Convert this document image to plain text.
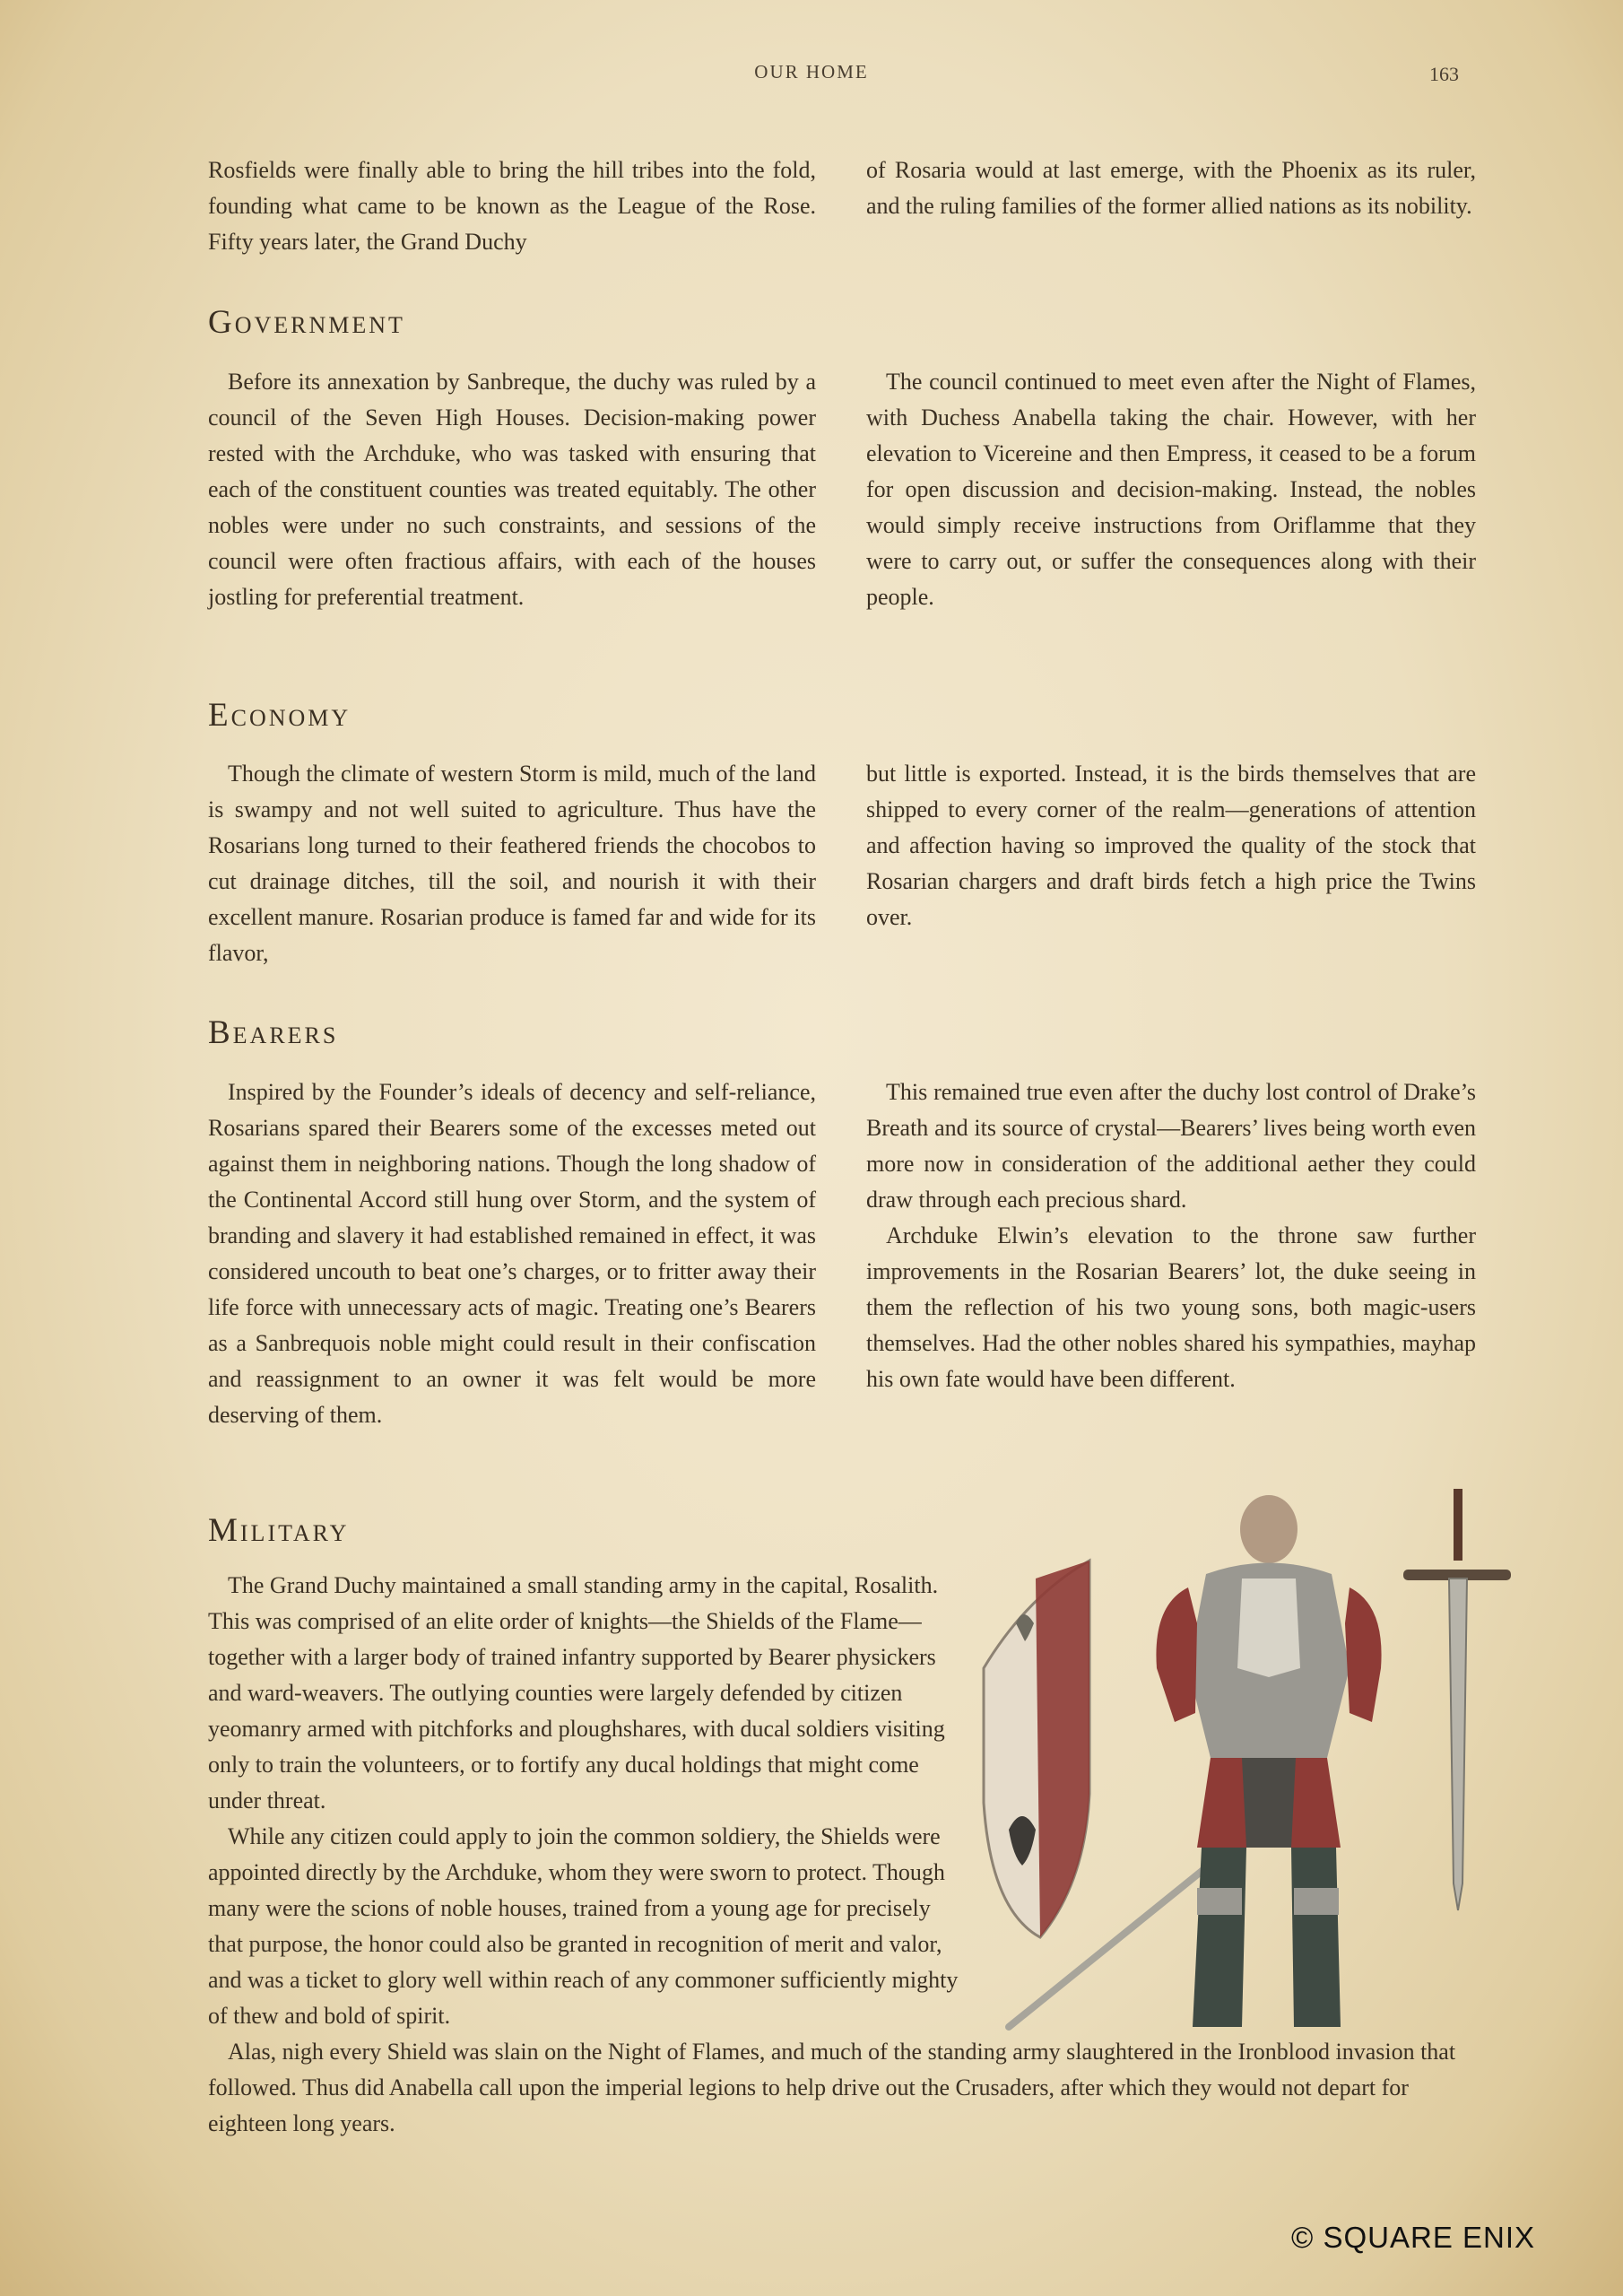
OUR HOME	163

Rosfields were finally able to bring the hill tribes into the fold, founding what came to be known as the League of the Rose. Fifty years later, the Grand Duchy

of Rosaria would at last emerge, with the Phoenix as its ruler, and the ruling families of the former allied nations as its nobility.

Government

Before its annexation by Sanbreque, the duchy was ruled by a council of the Seven High Houses. Decision-making power rested with the Archduke, who was tasked with ensuring that each of the constituent counties was treated equitably. The other nobles were under no such constraints, and sessions of the council were often fractious affairs, with each of the houses jostling for preferential treatment.

The council continued to meet even after the Night of Flames, with Duchess Anabella taking the chair. However, with her elevation to Vicereine and then Empress, it ceased to be a forum for open discussion and decision-making. Instead, the nobles would simply receive instructions from Oriflamme that they were to carry out, or suffer the consequences along with their people.

Economy

Though the climate of western Storm is mild, much of the land is swampy and not well suited to agriculture. Thus have the Rosarians long turned to their feathered friends the chocobos to cut drainage ditches, till the soil, and nourish it with their excellent manure. Rosarian produce is famed far and wide for its flavor,

but little is exported. Instead, it is the birds themselves that are shipped to every corner of the realm—generations of attention and affection having so improved the quality of the stock that Rosarian chargers and draft birds fetch a high price the Twins over.

Bearers

Inspired by the Founder’s ideals of decency and self-reliance, Rosarians spared their Bearers some of the excesses meted out against them in neighboring nations. Though the long shadow of the Continental Accord still hung over Storm, and the system of branding and slavery it had established remained in effect, it was considered uncouth to beat one’s charges, or to fritter away their life force with unnecessary acts of magic. Treating one’s Bearers as a Sanbrequois noble might could result in their confiscation and reassignment to an owner it was felt would be more deserving of them.

This remained true even after the duchy lost control of Drake’s Breath and its source of crystal—Bearers’ lives being worth even more now in consideration of the additional aether they could draw through each precious shard.

Archduke Elwin’s elevation to the throne saw further improvements in the Rosarian Bearers’ lot, the duke seeing in them the reflection of his two young sons, both magic-users themselves. Had the other nobles shared his sympathies, mayhap his own fate would have been different.

Military

The Grand Duchy maintained a small standing army in the capital, Rosalith. This was comprised of an elite order of knights—the Shields of the Flame—together with a larger body of trained infantry supported by Bearer physickers and ward-weavers. The outlying counties were largely defended by citizen yeomanry armed with pitchforks and ploughshares, with ducal soldiers visiting only to train the volunteers, or to fortify any ducal holdings that might come under threat.

While any citizen could apply to join the common soldiery, the Shields were appointed directly by the Archduke, whom they were sworn to protect. Though many were the scions of noble houses, trained from a young age for precisely that purpose, the honor could also be granted in recognition of merit and valor, and was a ticket to glory well within reach of any commoner sufficiently mighty of thew and bold of spirit.

Alas, nigh every Shield was slain on the Night of Flames, and much of the standing army slaughtered in the Ironblood invasion that followed. Thus did Anabella call upon the imperial legions to help drive out the Crusaders, after which they would not depart for eighteen long years.

© SQUARE ENIX
